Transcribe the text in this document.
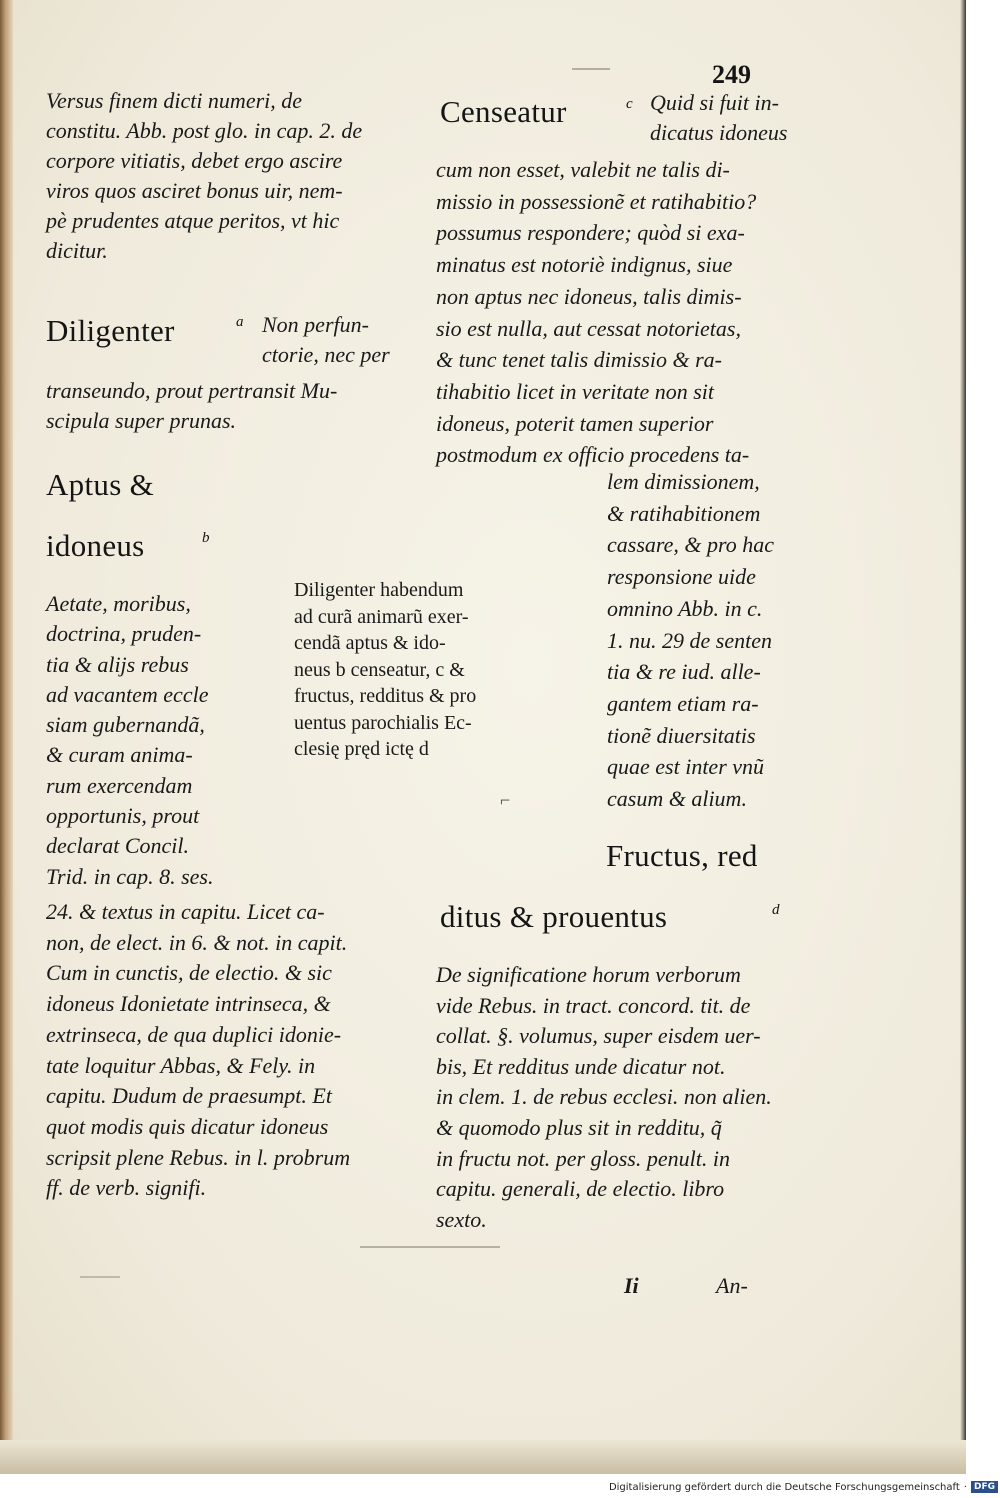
249
Versus finem dicti numeri, de
constitu. Abb. post glo. in cap. 2. de
corpore vitiatis, debet ergo ascire
viros quos asciret bonus uir, nem-
pè prudentes atque peritos, vt hic
dicitur.
Diligenter	a Non perfun-
ctorie, nec per
transeundo, prout pertransit Mu-
scipula super prunas.
Aptus &
idoneus	b
Aetate, moribus,
doctrina, pruden-
tia & alijs rebus
ad vacantem eccle
siam gubernandã,
& curam anima-
rum exercendam
opportunis, prout
declarat Concil.
Trid. in cap. 8. ses.
24. & textus in capitu. Licet ca-
non, de elect. in 6. & not. in capit.
Cum in cunctis, de electio. & sic
idoneus Idonietate intrinseca, &
extrinseca, de qua duplici idonie-
tate loquitur Abbas, & Fely. in
capitu. Dudum de praesumpt. Et
quot modis quis dicatur idoneus
scripsit plene Rebus. in l. probrum
ff. de verb. signifi.
Diligenter habendum
ad curã animarũ exer-
cendã aptus & ido-
neus b censeatur, c &
fructus, redditus & pro
uentus parochialis Ec-
clesię pręd ictę d
⌐
Censeatur	c Quid si fuit in-
dicatus idoneus
cum non esset, valebit ne talis di-
missio in possessionẽ et ratihabitio?
possumus respondere; quòd si exa-
minatus est notoriè indignus, siue
non aptus nec idoneus, talis dimis-
sio est nulla, aut cessat notorietas,
& tunc tenet talis dimissio & ra-
tihabitio licet in veritate non sit
idoneus, poterit tamen superior
postmodum ex officio procedens ta-
lem dimissionem,
& ratihabitionem
cassare, & pro hac
responsione uide
omnino Abb. in c.
1. nu. 29 de senten
tia & re iud. alle-
gantem etiam ra-
tionẽ diuersitatis
quae est inter vnũ
casum & alium.
Fructus, red
ditus & prouentus	d
De significatione horum verborum
vide Rebus. in tract. concord. tit. de
collat. §. volumus, super eisdem uer-
bis, Et redditus unde dicatur not.
in clem. 1. de rebus ecclesi. non alien.
& quomodo plus sit in redditu, q̃
in fructu not. per gloss. penult. in
capitu. generali, de electio. libro
sexto.
Ii	An-
Digitalisierung gefördert durch die Deutsche Forschungsgemeinschaft · DFG
